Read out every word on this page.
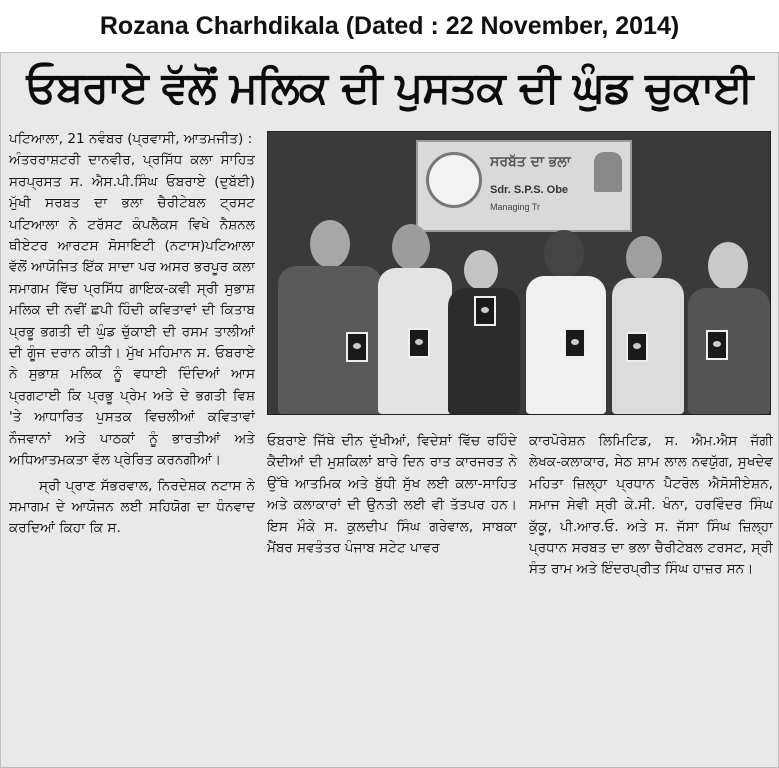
Rozana Charhdikala (Dated : 22 November, 2014)
ਓਬਰਾਏ ਵੱਲੋਂ ਮਲਿਕ ਦੀ ਪੁਸਤਕ ਦੀ ਘੁੰਡ ਚੁਕਾਈ

ਪਟਿਆਲਾ, 21 ਨਵੰਬਰ (ਪ੍ਰਵਾਸੀ, ਆਤਮਜੀਤ) :

ਅੰਤਰਰਾਸ਼ਟਰੀ ਦਾਨਵੀਰ, ਪ੍ਰਸਿੱਧ ਕਲਾ ਸਾਹਿਤ ਸਰਪ੍ਰਸਤ ਸ. ਐਸ.ਪੀ.ਸਿੰਘ ਓਬਰਾਏ (ਦੁਬੱਈ) ਮੁੱਖੀ ਸਰਬਤ ਦਾ ਭਲਾ ਚੈਰੀਟੇਬਲ ਟ੍ਰਸਟ ਪਟਿਆਲਾ ਨੇ ਟਰੱਸਟ ਕੰਪਲੈਕਸ ਵਿਖੇ ਨੈਸ਼ਨਲ ਥੀਏਟਰ ਆਰਟਸ ਸੋਸਾਇਟੀ (ਨਟਾਸ)ਪਟਿਆਲਾ ਵੱਲੋਂ ਆਯੋਜਿਤ ਇੱਕ ਸਾਦਾ ਪਰ ਅਸਰ ਭਰਪੂਰ ਕਲਾ ਸਮਾਗਮ ਵਿੱਚ ਪ੍ਰਸਿੱਧ ਗਾਇਕ-ਕਵੀ ਸ੍ਰੀ ਸੁਭਾਸ਼ ਮਲਿਕ ਦੀ ਨਵੀਂ ਛਪੀ ਹਿੰਦੀ ਕਵਿਤਾਵਾਂ ਦੀ ਕਿਤਾਬ ਪ੍ਰਭੂ ਭਗਤੀ ਦੀ ਘੁੰਡ ਚੁੱਕਾਈ ਦੀ ਰਸਮ ਤਾਲੀਆਂ ਦੀ ਗੂੰਜ ਦਰਾਨ ਕੀਤੀ। ਮੁੱਖ ਮਹਿਮਾਨ ਸ. ਓਬਰਾਏ ਨੇ ਸੁਭਾਸ਼ ਮਲਿਕ ਨੂੰ ਵਧਾਈ ਦਿੰਦਿਆਂ ਆਸ ਪ੍ਰਗਟਾਈ ਕਿ ਪ੍ਰਭੂ ਪ੍ਰੇਮ ਅਤੇ ਦੇ ਭਗਤੀ ਵਿਸ਼ 'ਤੇ ਆਧਾਰਿਤ ਪੁਸਤਕ ਵਿਚਲੀਆਂ ਕਵਿਤਾਵਾਂ ਨੌਜਵਾਨਾਂ ਅਤੇ ਪਾਠਕਾਂ ਨੂੰ ਭਾਰਤੀਆਂ ਅਤੇ ਅਧਿਆਤਮਕਤਾ ਵੱਲ ਪ੍ਰੇਰਿਤ ਕਰਨਗੀਆਂ।

ਸ੍ਰੀ ਪ੍ਰਾਣ ਸੱਭਰਵਾਲ, ਨਿਰਦੇਸ਼ਕ ਨਟਾਸ ਨੇ ਸਮਾਗਮ ਦੇ ਆਯੋਜਨ ਲਈ ਸਹਿਯੋਗ ਦਾ ਧੰਨਵਾਦ ਕਰਦਿਆਂ ਕਿਹਾ ਕਿ ਸ.

ਸਰਬੱਤ ਦਾ ਭਲਾ
Sdr. S.P.S. Obe
Managing Tr

ਓਬਰਾਏ ਜਿੱਥੇ ਦੀਨ ਦੁੱਖੀਆਂ, ਵਿਦੇਸ਼ਾਂ ਵਿੱਚ ਰਹਿੰਦੇ ਕੈਦੀਆਂ ਦੀ ਮੁਸ਼ਕਿਲਾਂ ਬਾਰੇ ਦਿਨ ਰਾਤ ਕਾਰਜਰਤ ਨੇ ਉੱਥੇ ਆਤਮਿਕ ਅਤੇ ਬੁੱਧੀ ਸੁੱਖ ਲਈ ਕਲਾ-ਸਾਹਿਤ ਅਤੇ ਕਲਾਕਾਰਾਂ ਦੀ ਉਨਤੀ ਲਈ ਵੀ ਤੱਤਪਰ ਹਨ। ਇਸ ਮੌਕੇ ਸ. ਕੁਲਦੀਪ ਸਿੰਘ ਗਰੇਵਾਲ, ਸਾਬਕਾ ਮੈਂਬਰ ਸਵਤੰਤਰ ਪੰਜਾਬ ਸਟੇਟ ਪਾਵਰ

ਕਾਰਪੋਰੇਸ਼ਨ ਲਿਮਿਟਿਡ, ਸ. ਐਮ.ਐਸ ਜੱਗੀ ਲੇਖਕ-ਕਲਾਕਾਰ, ਸੇਠ ਸ਼ਾਮ ਲਾਲ ਨਵਯੁੱਗ, ਸੁਖਦੇਵ ਮਹਿਤਾ ਜ਼ਿਲ੍ਹਾ ਪ੍ਰਧਾਨ ਪੈਟਰੋਲ ਐਸੋਸੀਏਸ਼ਨ, ਸਮਾਜ ਸੇਵੀ ਸ੍ਰੀ ਕੇ.ਸੀ. ਖੰਨਾ, ਹਰਵਿੰਦਰ ਸਿੰਘ ਕੁੱਕੂ, ਪੀ.ਆਰ.ਓ. ਅਤੇ ਸ. ਜੱਸਾ ਸਿੰਘ ਜ਼ਿਲ੍ਹਾ ਪ੍ਰਧਾਨ ਸਰਬਤ ਦਾ ਭਲਾ ਚੈਰੀਟੇਬਲ ਟਰਸਟ, ਸ੍ਰੀ ਸੰਤ ਰਾਮ ਅਤੇ ਇੰਦਰਪ੍ਰੀਤ ਸਿੰਘ ਹਾਜ਼ਰ ਸਨ।
